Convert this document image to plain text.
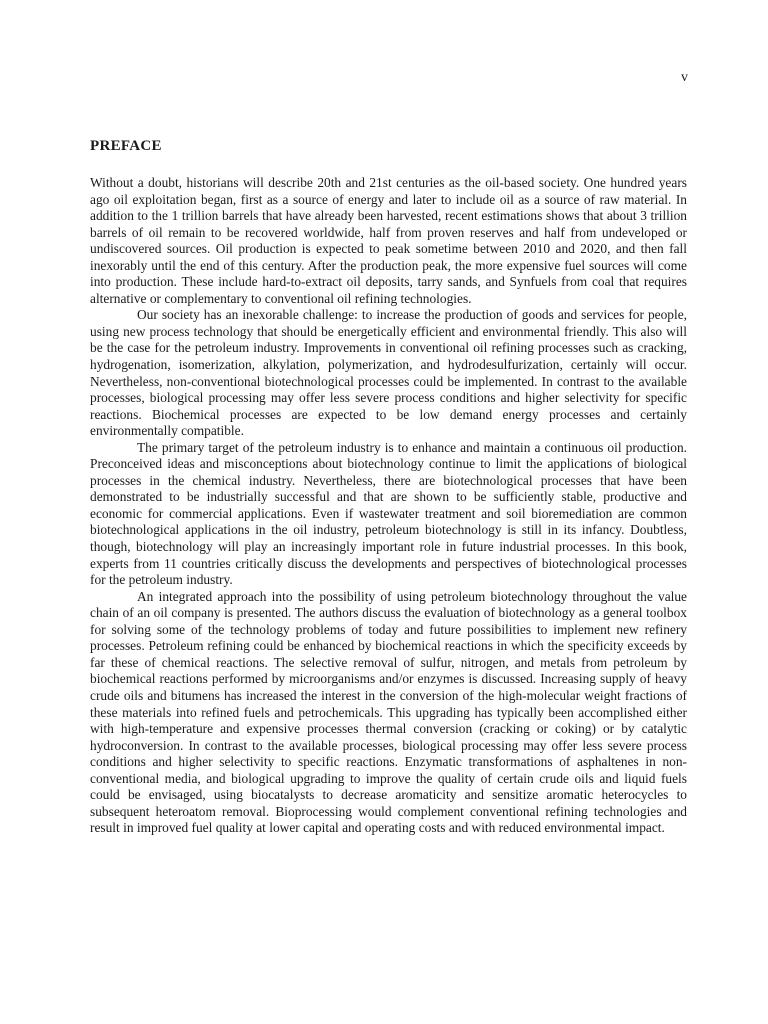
v
PREFACE

Without a doubt, historians will describe 20th and 21st centuries as the oil-based society. One hundred years ago oil exploitation began, first as a source of energy and later to include oil as a source of raw material. In addition to the 1 trillion barrels that have already been harvested, recent estimations shows that about 3 trillion barrels of oil remain to be recovered worldwide, half from proven reserves and half from undeveloped or undiscovered sources. Oil production is expected to peak sometime between 2010 and 2020, and then fall inexorably until the end of this century. After the production peak, the more expensive fuel sources will come into production. These include hard-to-extract oil deposits, tarry sands, and Synfuels from coal that requires alternative or complementary to conventional oil refining technologies.

Our society has an inexorable challenge: to increase the production of goods and services for people, using new process technology that should be energetically efficient and environmental friendly. This also will be the case for the petroleum industry. Improvements in conventional oil refining processes such as cracking, hydrogenation, isomerization, alkylation, polymerization, and hydrodesulfurization, certainly will occur. Nevertheless, non-conventional biotechnological processes could be implemented. In contrast to the available processes, biological processing may offer less severe process conditions and higher selectivity for specific reactions. Biochemical processes are expected to be low demand energy processes and certainly environmentally compatible.

The primary target of the petroleum industry is to enhance and maintain a continuous oil production. Preconceived ideas and misconceptions about biotechnology continue to limit the applications of biological processes in the chemical industry. Nevertheless, there are biotechnological processes that have been demonstrated to be industrially successful and that are shown to be sufficiently stable, productive and economic for commercial applications. Even if wastewater treatment and soil bioremediation are common biotechnological applications in the oil industry, petroleum biotechnology is still in its infancy. Doubtless, though, biotechnology will play an increasingly important role in future industrial processes. In this book, experts from 11 countries critically discuss the developments and perspectives of biotechnological processes for the petroleum industry.

An integrated approach into the possibility of using petroleum biotechnology throughout the value chain of an oil company is presented. The authors discuss the evaluation of biotechnology as a general toolbox for solving some of the technology problems of today and future possibilities to implement new refinery processes. Petroleum refining could be enhanced by biochemical reactions in which the specificity exceeds by far these of chemical reactions. The selective removal of sulfur, nitrogen, and metals from petroleum by biochemical reactions performed by microorganisms and/or enzymes is discussed. Increasing supply of heavy crude oils and bitumens has increased the interest in the conversion of the high-molecular weight fractions of these materials into refined fuels and petrochemicals. This upgrading has typically been accomplished either with high-temperature and expensive processes thermal conversion (cracking or coking) or by catalytic hydroconversion. In contrast to the available processes, biological processing may offer less severe process conditions and higher selectivity to specific reactions. Enzymatic transformations of asphaltenes in non- conventional media, and biological upgrading to improve the quality of certain crude oils and liquid fuels could be envisaged, using biocatalysts to decrease aromaticity and sensitize aromatic heterocycles to subsequent heteroatom removal. Bioprocessing would complement conventional refining technologies and result in improved fuel quality at lower capital and operating costs and with reduced environmental impact.
